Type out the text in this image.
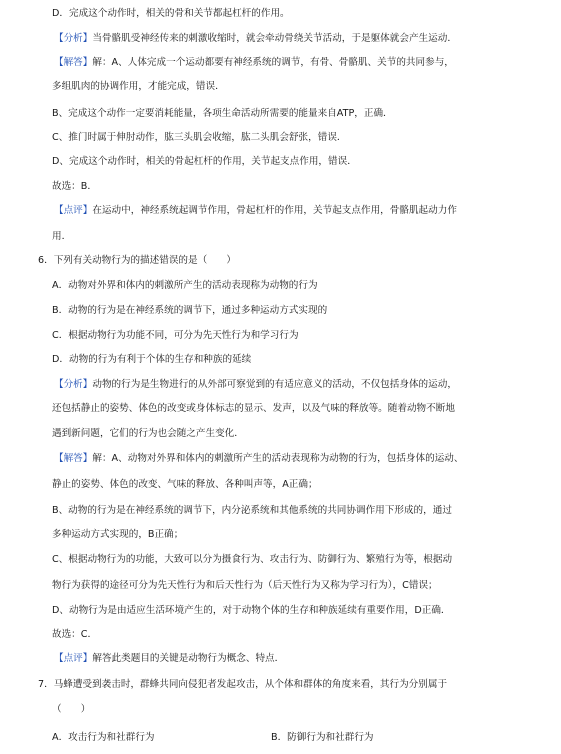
D．完成这个动作时，相关的骨和关节都起杠杆的作用。
【分析】当骨骼肌受神经传来的刺激收缩时，就会牵动骨绕关节活动，于是躯体就会产生运动．
【解答】解：A、人体完成一个运动都要有神经系统的调节，有骨、骨骼肌、关节的共同参与，
多组肌肉的协调作用，才能完成，错误．
B、完成这个动作一定要消耗能量，各项生命活动所需要的能量来自ATP，正确．
C、推门时属于伸肘动作，肱三头肌会收缩，肱二头肌会舒张，错误．
D、完成这个动作时，相关的骨起杠杆的作用，关节起支点作用，错误．
故选：B．
【点评】在运动中，神经系统起调节作用，骨起杠杆的作用，关节起支点作用，骨骼肌起动力作
用．
6．下列有关动物行为的描述错误的是（　　）
A．动物对外界和体内的刺激所产生的活动表现称为动物的行为
B．动物的行为是在神经系统的调节下，通过多种运动方式实现的
C．根据动物行为功能不同，可分为先天性行为和学习行为
D．动物的行为有利于个体的生存和种族的延续
【分析】动物的行为是生物进行的从外部可察觉到的有适应意义的活动，不仅包括身体的运动，
还包括静止的姿势、体色的改变或身体标志的显示、发声，以及气味的释放等。随着动物不断地
遇到新问题，它们的行为也会随之产生变化．
【解答】解：A、动物对外界和体内的刺激所产生的活动表现称为动物的行为，包括身体的运动、
静止的姿势、体色的改变、气味的释放、各种叫声等，A正确；
B、动物的行为是在神经系统的调节下，内分泌系统和其他系统的共同协调作用下形成的，通过
多种运动方式实现的，B正确；
C、根据动物行为的功能，大致可以分为摄食行为、攻击行为、防御行为、繁殖行为等，根据动
物行为获得的途径可分为先天性行为和后天性行为（后天性行为又称为学习行为），C错误；
D、动物行为是由适应生活环境产生的，对于动物个体的生存和种族延续有重要作用，D正确．
故选：C．
【点评】解答此类题目的关键是动物行为概念、特点．
7．马蜂遭受到袭击时，群蜂共同向侵犯者发起攻击，从个体和群体的角度来看，其行为分别属于
（　　）
A．攻击行为和社群行为	B．防御行为和社群行为
